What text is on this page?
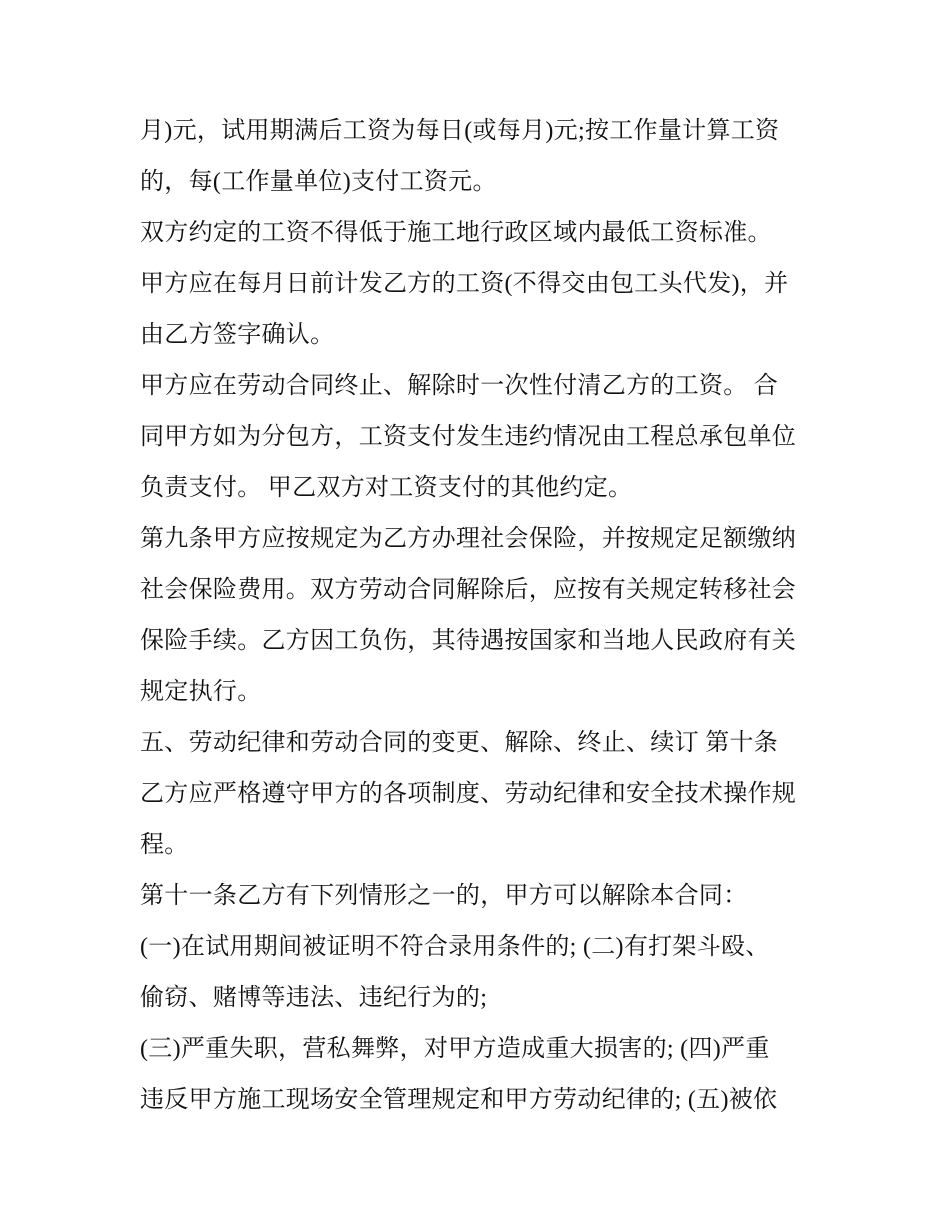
月)元，试用期满后工资为每日(或每月)元;按工作量计算工资
的，每(工作量单位)支付工资元。
双方约定的工资不得低于施工地行政区域内最低工资标准。
甲方应在每月日前计发乙方的工资(不得交由包工头代发)，并
由乙方签字确认。
甲方应在劳动合同终止、解除时一次性付清乙方的工资。 合
同甲方如为分包方，工资支付发生违约情况由工程总承包单位
负责支付。 甲乙双方对工资支付的其他约定。
第九条甲方应按规定为乙方办理社会保险，并按规定足额缴纳
社会保险费用。双方劳动合同解除后，应按有关规定转移社会
保险手续。乙方因工负伤，其待遇按国家和当地人民政府有关
规定执行。
五、劳动纪律和劳动合同的变更、解除、终止、续订 第十条
乙方应严格遵守甲方的各项制度、劳动纪律和安全技术操作规
程。
第十一条乙方有下列情形之一的，甲方可以解除本合同：
(一)在试用期间被证明不符合录用条件的; (二)有打架斗殴、
偷窃、赌博等违法、违纪行为的;
(三)严重失职，营私舞弊，对甲方造成重大损害的; (四)严重
违反甲方施工现场安全管理规定和甲方劳动纪律的; (五)被依
